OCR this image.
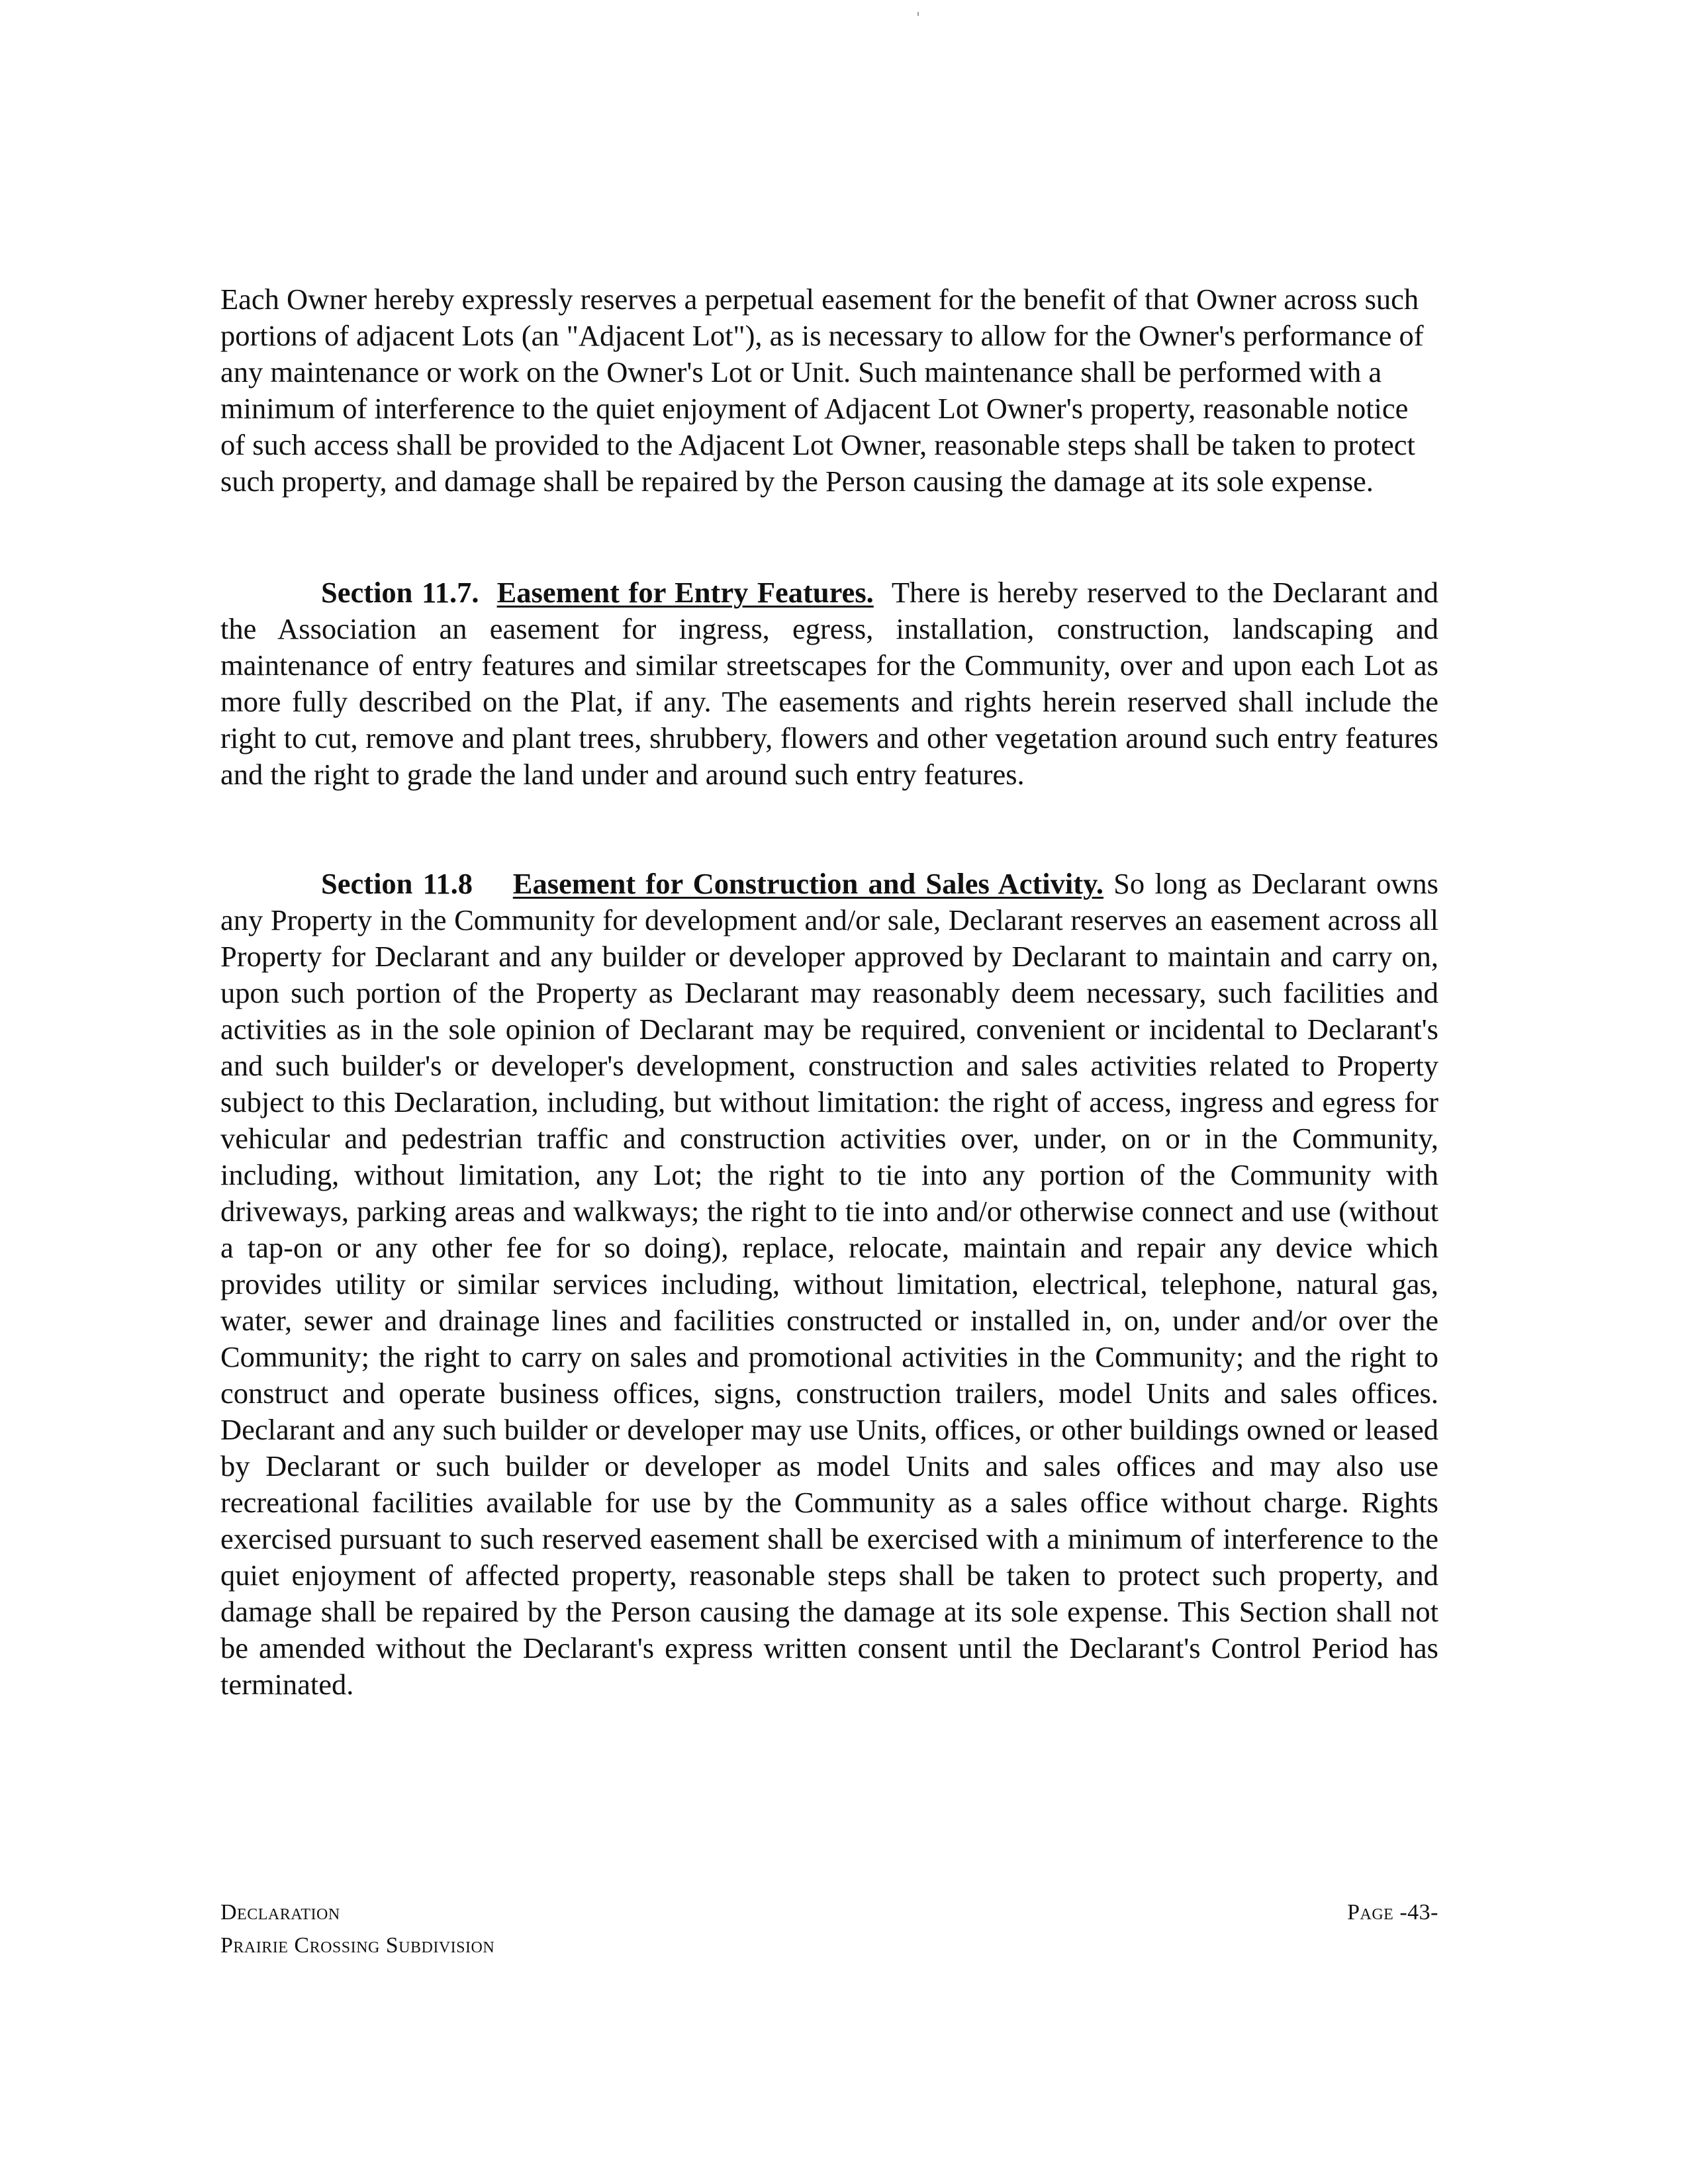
Each Owner hereby expressly reserves a perpetual easement for the benefit of that Owner across such portions of adjacent Lots (an "Adjacent Lot"), as is necessary to allow for the Owner's performance of any maintenance or work on the Owner's Lot or Unit. Such maintenance shall be performed with a minimum of interference to the quiet enjoyment of Adjacent Lot Owner's property, reasonable notice of such access shall be provided to the Adjacent Lot Owner, reasonable steps shall be taken to protect such property, and damage shall be repaired by the Person causing the damage at its sole expense.

Section 11.7. Easement for Entry Features. There is hereby reserved to the Declarant and the Association an easement for ingress, egress, installation, construction, landscaping and maintenance of entry features and similar streetscapes for the Community, over and upon each Lot as more fully described on the Plat, if any. The easements and rights herein reserved shall include the right to cut, remove and plant trees, shrubbery, flowers and other vegetation around such entry features and the right to grade the land under and around such entry features.

Section 11.8 Easement for Construction and Sales Activity. So long as Declarant owns any Property in the Community for development and/or sale, Declarant reserves an easement across all Property for Declarant and any builder or developer approved by Declarant to maintain and carry on, upon such portion of the Property as Declarant may reasonably deem necessary, such facilities and activities as in the sole opinion of Declarant may be required, convenient or incidental to Declarant's and such builder's or developer's development, construction and sales activities related to Property subject to this Declaration, including, but without limitation: the right of access, ingress and egress for vehicular and pedestrian traffic and construction activities over, under, on or in the Community, including, without limitation, any Lot; the right to tie into any portion of the Community with driveways, parking areas and walkways; the right to tie into and/or otherwise connect and use (without a tap-on or any other fee for so doing), replace, relocate, maintain and repair any device which provides utility or similar services including, without limitation, electrical, telephone, natural gas, water, sewer and drainage lines and facilities constructed or installed in, on, under and/or over the Community; the right to carry on sales and promotional activities in the Community; and the right to construct and operate business offices, signs, construction trailers, model Units and sales offices. Declarant and any such builder or developer may use Units, offices, or other buildings owned or leased by Declarant or such builder or developer as model Units and sales offices and may also use recreational facilities available for use by the Community as a sales office without charge. Rights exercised pursuant to such reserved easement shall be exercised with a minimum of interference to the quiet enjoyment of affected property, reasonable steps shall be taken to protect such property, and damage shall be repaired by the Person causing the damage at its sole expense. This Section shall not be amended without the Declarant's express written consent until the Declarant's Control Period has terminated.

Declaration
Prairie Crossing Subdivision
Page -43-
